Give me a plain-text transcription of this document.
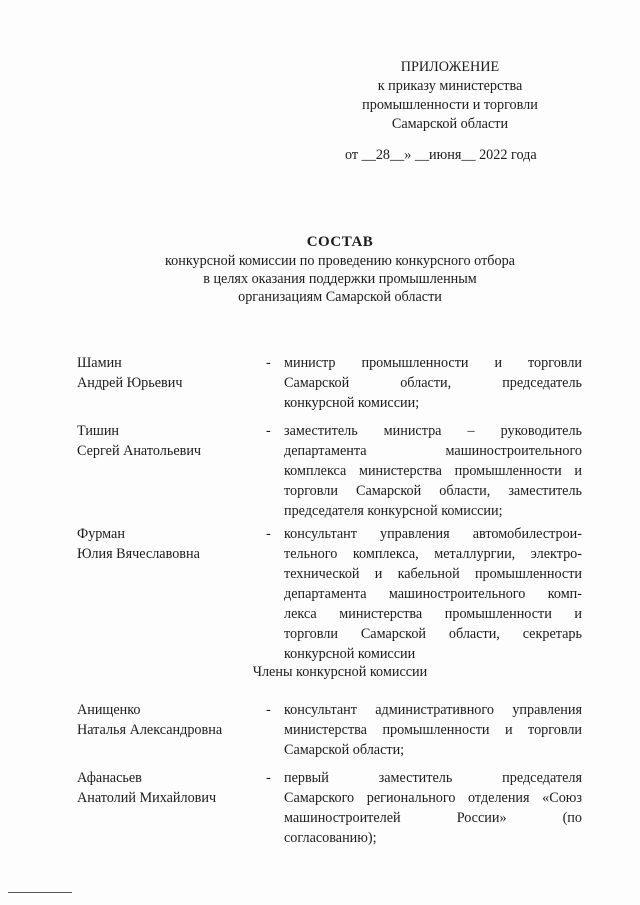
ПРИЛОЖЕНИЕ
к приказу министерства
промышленности и торговли
Самарской области
от __28__» __июня__ 2022 года
СОСТАВ
конкурсной комиссии по проведению конкурсного отбора
в целях оказания поддержки промышленным
организациям Самарской области
Шамин
Андрей Юрьевич
- министр промышленности и торговли
Самарской области, председатель
конкурсной комиссии;
Тишин
Сергей Анатольевич
- заместитель министра – руководитель
департамента машиностроительного
комплекса министерства промышленности и
торговли Самарской области, заместитель
председателя конкурсной комиссии;
Фурман
Юлия Вячеславовна
- консультант управления автомобилестрои-
тельного комплекса, металлургии, электро-
технической и кабельной промышленности
департамента машиностроительного комп-
лекса министерства промышленности и
торговли Самарской области, секретарь
конкурсной комиссии
Члены конкурсной комиссии
Анищенко
Наталья Александровна
- консультант административного управления
министерства промышленности и торговли
Самарской области;
Афанасьев
Анатолий Михайлович
- первый заместитель председателя
Самарского регионального отделения «Союз
машиностроителей России» (по
согласованию);
